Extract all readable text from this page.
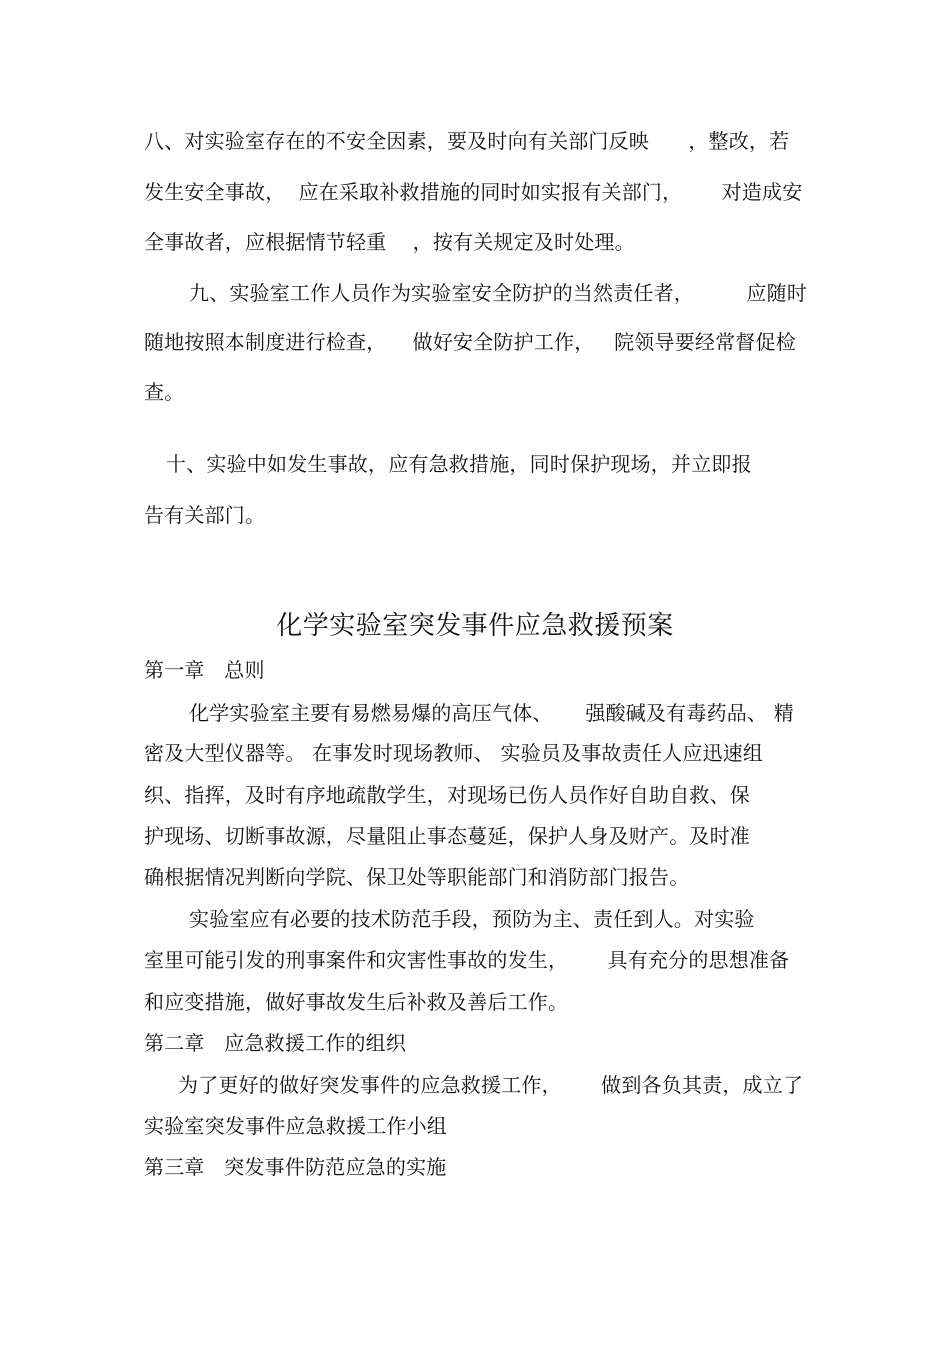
八、对实验室存在的不安全因素，要及时向有关部门反映      ，整改，若
发生安全事故，  应在采取补救措施的同时如实报有关部门，      对造成安
全事故者，应根据情节轻重    ，按有关规定及时处理。
九、实验室工作人员作为实验室安全防护的当然责任者，        应随时
随地按照本制度进行检查，    做好安全防护工作，   院领导要经常督促检
查。
十、实验中如发生事故，应有急救措施，同时保护现场，并立即报
告有关部门。
化学实验室突发事件应急救援预案
第一章   总则
化学实验室主要有易燃易爆的高压气体、     强酸碱及有毒药品、 精
密及大型仪器等。 在事发时现场教师、 实验员及事故责任人应迅速组
织、指挥，及时有序地疏散学生，对现场已伤人员作好自助自救、保
护现场、切断事故源，尽量阻止事态蔓延，保护人身及财产。及时准
确根据情况判断向学院、保卫处等职能部门和消防部门报告。
实验室应有必要的技术防范手段，预防为主、责任到人。对实验
室里可能引发的刑事案件和灾害性事故的发生，      具有充分的思想准备
和应变措施，做好事故发生后补救及善后工作。
第二章   应急救援工作的组织
为了更好的做好突发事件的应急救援工作，      做到各负其责，成立了
实验室突发事件应急救援工作小组
第三章   突发事件防范应急的实施
